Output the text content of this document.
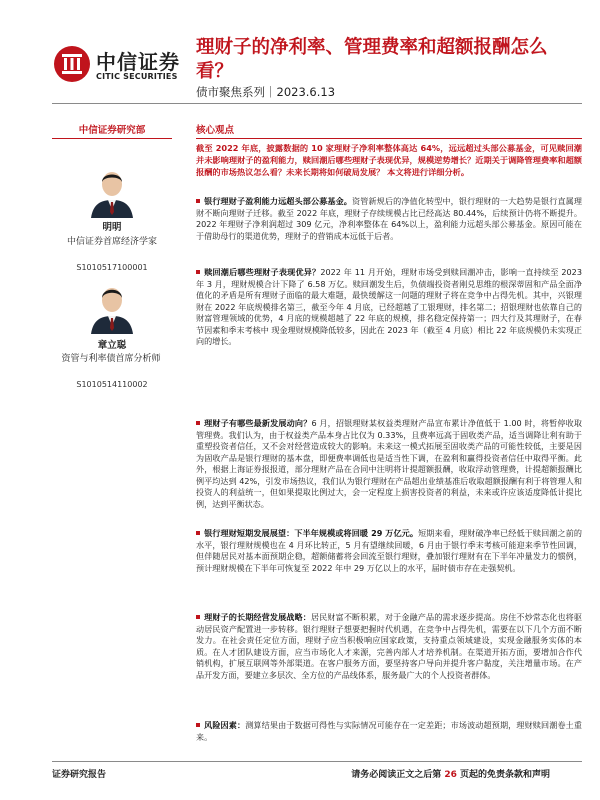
中信证券
CITIC SECURITIES
理财子的净利率、管理费率和超额报酬怎么看？
债市聚焦系列｜2023.6.13
中信证券研究部
明明
中信证券首席经济学家
S1010517100001
章立聪
资管与利率债首席分析师
S1010514110002
核心观点
截至 2022 年底，披露数据的 10 家理财子净利率整体高达 64%，远远超过头部公募基金，可见赎回潮并未影响理财子的盈利能力，赎回潮后哪些理财子表现优异，规模逆势增长？近期关于调降管理费率和超额报酬的市场热议怎么看？未来长期将如何破局发展？ 本文将进行详细分析。
银行理财子盈利能力远超头部公募基金。资管新规后的净值化转型中，银行理财的一大趋势是银行直属理财不断向理财子迁移。截至 2022 年底，理财子存续规模占比已经高达 80.44%，后续预计仍将不断提升。2022 年理财子净利润超过 309 亿元，净利率整体在 64%以上，盈利能力远超头部公募基金。原因可能在于借助母行的渠道优势，理财子的营销成本远低于后者。
赎回潮后哪些理财子表现优异？2022 年 11 月开始，理财市场受到赎回潮冲击，影响一直持续至 2023 年 3 月，理财规模合计下降了 6.58 万亿。赎回潮发生后，负债端投资者刚兑思维的根深蒂固和产品全面净值化的矛盾是所有理财子面临的最大难题，最快缓解这一问题的理财子将在竞争中占得先机。其中，兴银理财在 2022 年底规模排名第三，截至今年 4 月底，已经超越了工银理财，排名第二；招银理财也依靠自己的财富管理领域的优势，4 月底的规模超越了 22 年底的规模，排名稳定保持第一；四大行及其理财子，在春节因素和季末考核中 现金理财规模降低较多，因此在 2023 年（截至 4 月底）相比 22 年底规模仍未实现正向的增长。
理财子有哪些最新发展动向？6 月，招银理财某权益类理财产品宣布累计净值低于 1.00 时，将暂停收取管理费。我们认为，由于权益类产品本身占比仅为 0.33%，且费率远高于固收类产品，适当调降让利有助于重塑投资者信任，又不会对经营造成较大的影响。未来这一模式拓展至固收类产品的可能性较低，主要是因为固收产品是银行理财的基本盘，即便费率调低也是适当性下调，在盈利和赢得投资者信任中取得平衡。此外，根据上海证券报报道，部分理财产品在合同中注明将计提超额报酬，收取浮动管理费，计提超额报酬比例平均达到 42%，引发市场热议，我们认为银行理财在产品超出业绩基准后收取超额报酬有利于将管理人和投资人的利益统一，但如果提取比例过大，会一定程度上损害投资者的利益，未来或许应该适度降低计提比例，达到平衡状态。
银行理财短期发展展望：下半年规模或将回暖 29 万亿元。短期来看，理财破净率已经低于赎回潮之前的水平，银行理财规模也在 4 月环比转正，5 月有望继续回暖，6 月由于银行季末考核可能迎来季节性回调，但伴随居民对基本面预期企稳，超额储蓄将会回流至银行理财，叠加银行理财有在下半年冲量发力的惯例，预计理财规模在下半年可恢复至 2022 年中 29 万亿以上的水平，届时债市存在走强契机。
理财子的长期经营发展战略：居民财富不断积累，对于金融产品的需求逐步提高。房住不炒常态化也将驱动居民资产配置进一步转移。银行理财子想要把握时代机遇，在竞争中占得先机，需要在以下几个方面不断发力。在社会责任定位方面，理财子应当积极响应国家政策，支持重点领域建设，实现金融服务实体的本质。在人才团队建设方面，应当市场化人才来源，完善内部人才培养机制。在渠道开拓方面，要增加合作代销机构，扩展互联网等外部渠道。在客户服务方面，要坚持客户导向并提升客户黏度，关注增量市场。在产品开发方面，要建立多层次、全方位的产品线体系，服务最广大的个人投资者群体。
风险因素：测算结果由于数据可得性与实际情况可能存在一定差距；市场波动超预期，理财赎回潮卷土重来。
证券研究报告	请务必阅读正文之后第 26 页起的免责条款和声明
